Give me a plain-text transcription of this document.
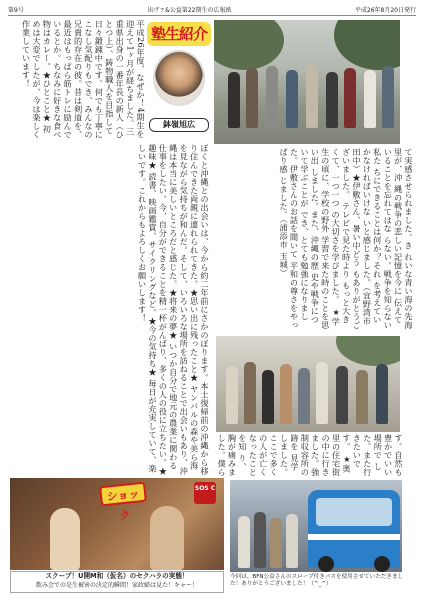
第9号	出ヴァ&公益第22期生の広報紙	平成26年8月20日発行
平成26年度、なぜか！4期生を迎えて1ヶ月が経ちました。三重県出身の一番年長の新人（ひとつ上）、鋳物職人を目指して日々鍛錬中です。何でも丁寧にこなし気配りもでき、みんなの兄貴的存在の彼。昔は剣道を、最近はもっぱら筋トレに励んでいるとか。ちなみに好きな食べ物はカレー。★ひとこと★ 初めは大変でしたが、今は楽しく作業しています！	塾生紹介
鉢嶺旭広
て実感させられました。き れいな青い海の先海里が、沖 縄の戦争の悲しい記憶を今に 伝えていることを忘れてはな らない。戦争を知らない私た ちにできることは何か？それ を考えていかなければいけな いと感じました。（宜野湾市 田中）★伊敷さん、暑い中どう もありがとうございました。 テレビで見た時より もっと大きくて、一つ一つ の大切さを学びました。 ★学生の頃に、学校の野外 学習で来た時のことを思い出 しました。また、沖縄の歴 史や戦争について学ぶことが でき、とても勉強になりまし た。伊敷さんのお話を聞いて 平和の尊さをやっぱり感 じました。（浦添市 玉城）
ぼくと沖縄との出会いは、今から約二年前にさかのぼります。本土復帰前の沖縄から移り住んできた両親に連れられてきた。★思い出に残ったこと★ ヤンバルの森や美ら海を見ながら気持ちが和んだ。そして、いろいろな場所を訪ねることで出会いもあり、沖縄は本当に美しいところだと感じた。★将来の夢★ いつか自分で地元の農業に関わる仕事をしたい。今、自分ができることを精一杯がんばり、多くの人の役に立ちたい。★趣味★ 読書、映画鑑賞、サイクリングなど。★今の気持ち★ 毎日が充実していて、楽しいです。これからもよろしくお願いします！
す。自然も豊かでいい場所で した。また行きたいです。 ★奥里の住宅街の中に行き ました。強制収容所の跡を 見学しました。ここで多く の人が亡くなったことを知 り、胸が痛みました。僕ら
ショック
SOS C
スクープ！U開M和（仮名）のセクハラの実態！
飲み会での是生被害の決定的瞬間！家政婦は見た！キャー！
今回は、BFN公益さんのスロープ付きバスを使用させていただきました！ありがとうございました！（^_^）
